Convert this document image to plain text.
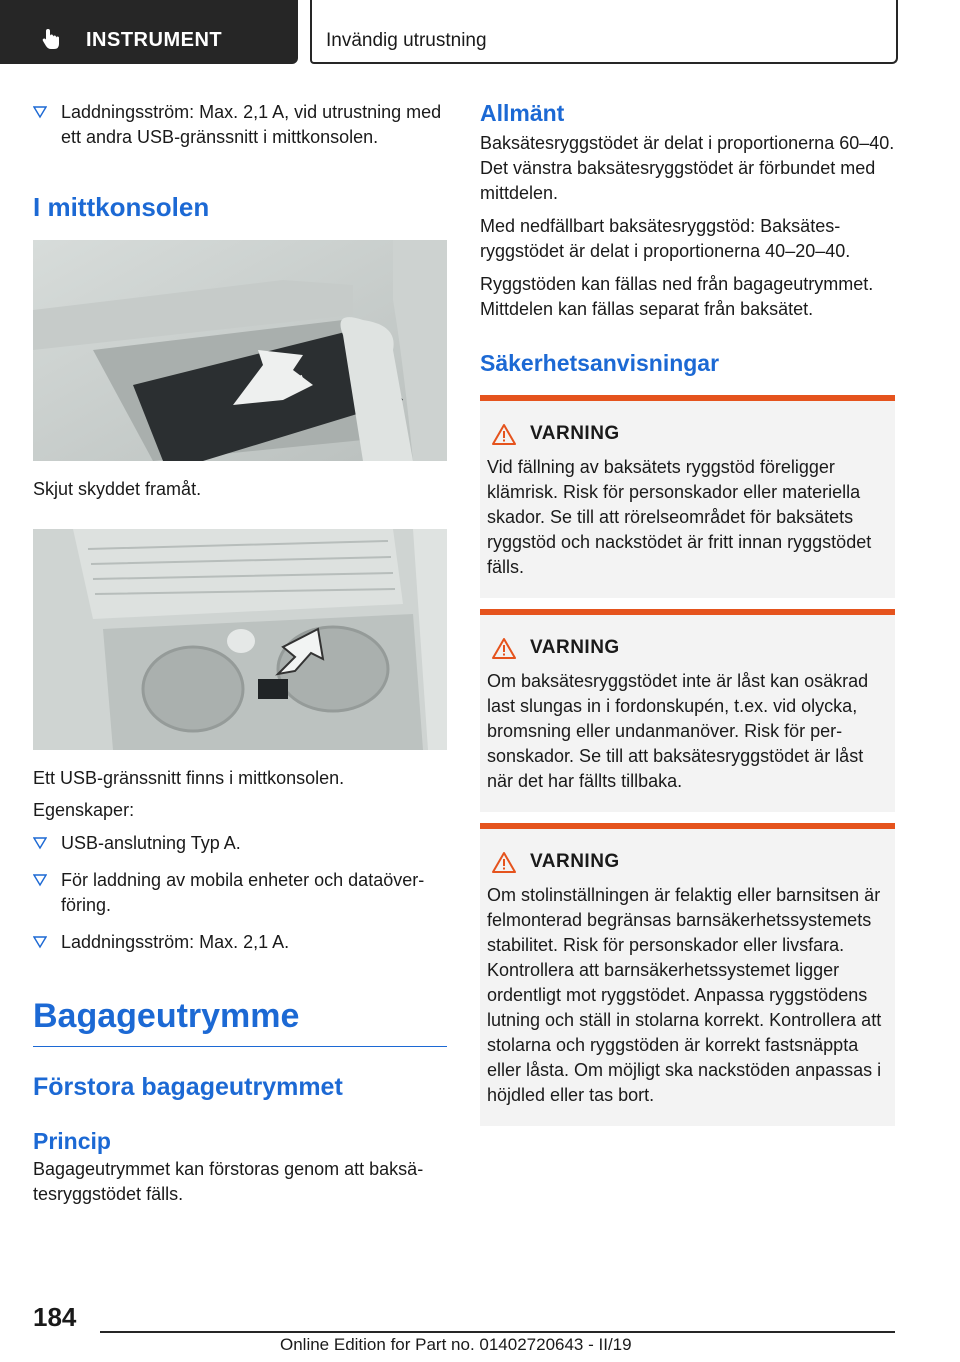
INSTRUMENT	Invändig utrustning

Laddningsström: Max. 2,1 A, vid utrustning med ett andra USB-gränssnitt i mittkonsolen.

I mittkonsolen

Skjut skyddet framåt.

Ett USB-gränssnitt finns i mittkonsolen.

Egenskaper:

USB-anslutning Typ A.

För laddning av mobila enheter och dataöverföring.

Laddningsström: Max. 2,1 A.

Bagageutrymme
Förstora bagageutrymmet
Princip

Bagageutrymmet kan förstoras genom att baksätesryggstödet fälls.

Allmänt

Baksätesryggstödet är delat i proportionerna 60–40. Det vänstra baksätesryggstödet är förbundet med mittdelen.

Med nedfällbart baksätesryggstöd: Baksätesryggstödet är delat i proportionerna 40–20–40.

Ryggstöden kan fällas ned från bagageutrymmet. Mittdelen kan fällas separat från baksätet.

Säkerhetsanvisningar
VARNING

Vid fällning av baksätets ryggstöd föreligger klämrisk. Risk för personskador eller materiella skador. Se till att rörelseområdet för baksätets ryggstöd och nackstödet är fritt innan ryggstödet fälls.

VARNING

Om baksätesryggstödet inte är låst kan osäkrad last slungas in i fordonskupén, t.ex. vid olycka, bromsning eller undanmanöver. Risk för personskador. Se till att baksätesryggstödet är låst när det har fällts tillbaka.

VARNING

Om stolinställningen är felaktig eller barnsitsen är felmonterad begränsas barnsäkerhetssystemets stabilitet. Risk för personskador eller livsfara. Kontrollera att barnsäkerhetssystemet ligger ordentligt mot ryggstödet. Anpassa ryggstödens lutning och ställ in stolarna korrekt. Kontrollera att stolarna och ryggstöden är korrekt fastsnäppta eller låsta. Om möjligt ska nackstöden anpassas i höjdled eller tas bort.

184
Online Edition for Part no. 01402720643 - II/19
